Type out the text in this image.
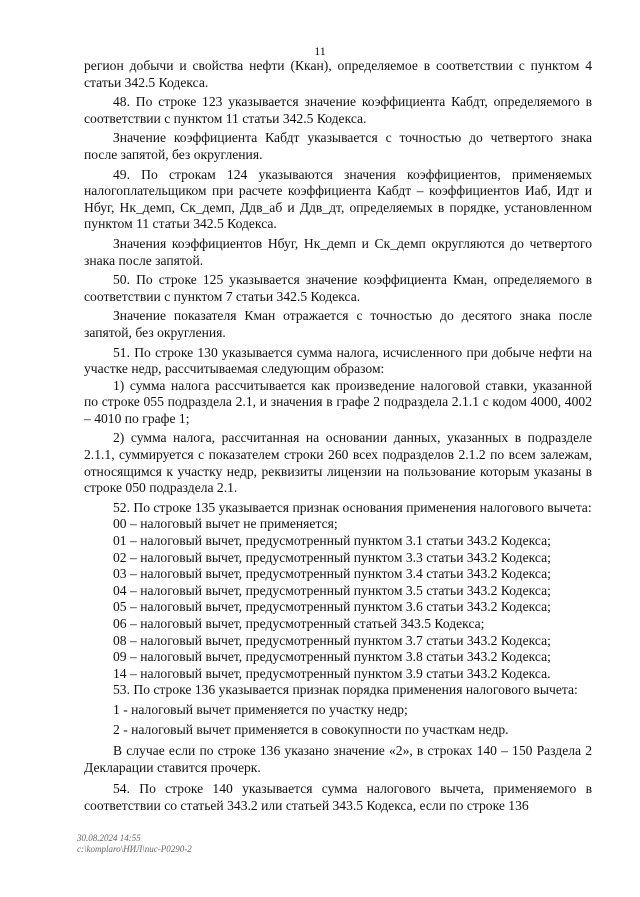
11

регион добычи и свойства нефти (Ккан), определяемое в соответствии с пунктом 4 статьи 342.5 Кодекса.

48. По строке 123 указывается значение коэффициента Кабдт, определяемого в соответствии с пунктом 11 статьи 342.5 Кодекса.

Значение коэффициента Кабдт указывается с точностью до четвертого знака после запятой, без округления.

49. По строкам 124 указываются значения коэффициентов, применяемых налогоплательщиком при расчете коэффициента Кабдт – коэффициентов Иаб, Идт и Нбуг, Нк_демп, Ск_демп, Ддв_аб и Ддв_дт, определяемых в порядке, установленном пунктом 11 статьи 342.5 Кодекса.

Значения коэффициентов Нбуг, Нк_демп и Ск_демп округляются до четвертого знака после запятой.

50. По строке 125 указывается значение коэффициента Кман, определяемого в соответствии с пунктом 7 статьи 342.5 Кодекса.

Значение показателя Кман отражается с точностью до десятого знака после запятой, без округления.

51. По строке 130 указывается сумма налога, исчисленного при добыче нефти на участке недр, рассчитываемая следующим образом:

1) сумма налога рассчитывается как произведение налоговой ставки, указанной по строке 055 подраздела 2.1, и значения в графе 2 подраздела 2.1.1 с кодом 4000, 4002 – 4010 по графе 1;

2) сумма налога, рассчитанная на основании данных, указанных в подразделе 2.1.1, суммируется с показателем строки 260 всех подразделов 2.1.2 по всем залежам, относящимся к участку недр, реквизиты лицензии на пользование которым указаны в строке 050 подраздела 2.1.

52. По строке 135 указывается признак основания применения налогового вычета:

00 – налоговый вычет не применяется;

01 – налоговый вычет, предусмотренный пунктом 3.1 статьи 343.2 Кодекса;

02 – налоговый вычет, предусмотренный пунктом 3.3 статьи 343.2 Кодекса;

03 – налоговый вычет, предусмотренный пунктом 3.4 статьи 343.2 Кодекса;

04 – налоговый вычет, предусмотренный пунктом 3.5 статьи 343.2 Кодекса;

05 – налоговый вычет, предусмотренный пунктом 3.6 статьи 343.2 Кодекса;

06 – налоговый вычет, предусмотренный статьей 343.5 Кодекса;

08 – налоговый вычет, предусмотренный пунктом 3.7 статьи 343.2 Кодекса;

09 – налоговый вычет, предусмотренный пунктом 3.8 статьи 343.2 Кодекса;

14 – налоговый вычет, предусмотренный пунктом 3.9 статьи 343.2 Кодекса.

53. По строке 136 указывается признак порядка применения налогового вычета:

1 - налоговый вычет применяется по участку недр;

2 - налоговый вычет применяется в совокупности по участкам недр.

В случае если по строке 136 указано значение «2», в строках 140 – 150 Раздела 2 Декларации ставится прочерк.

54. По строке 140 указывается сумма налогового вычета, применяемого в соответствии со статьей 343.2 или статьей 343.5 Кодекса, если по строке 136

30.08.2024 14:55
c:\komplaro\НИЛ\пис-Р0290-2
